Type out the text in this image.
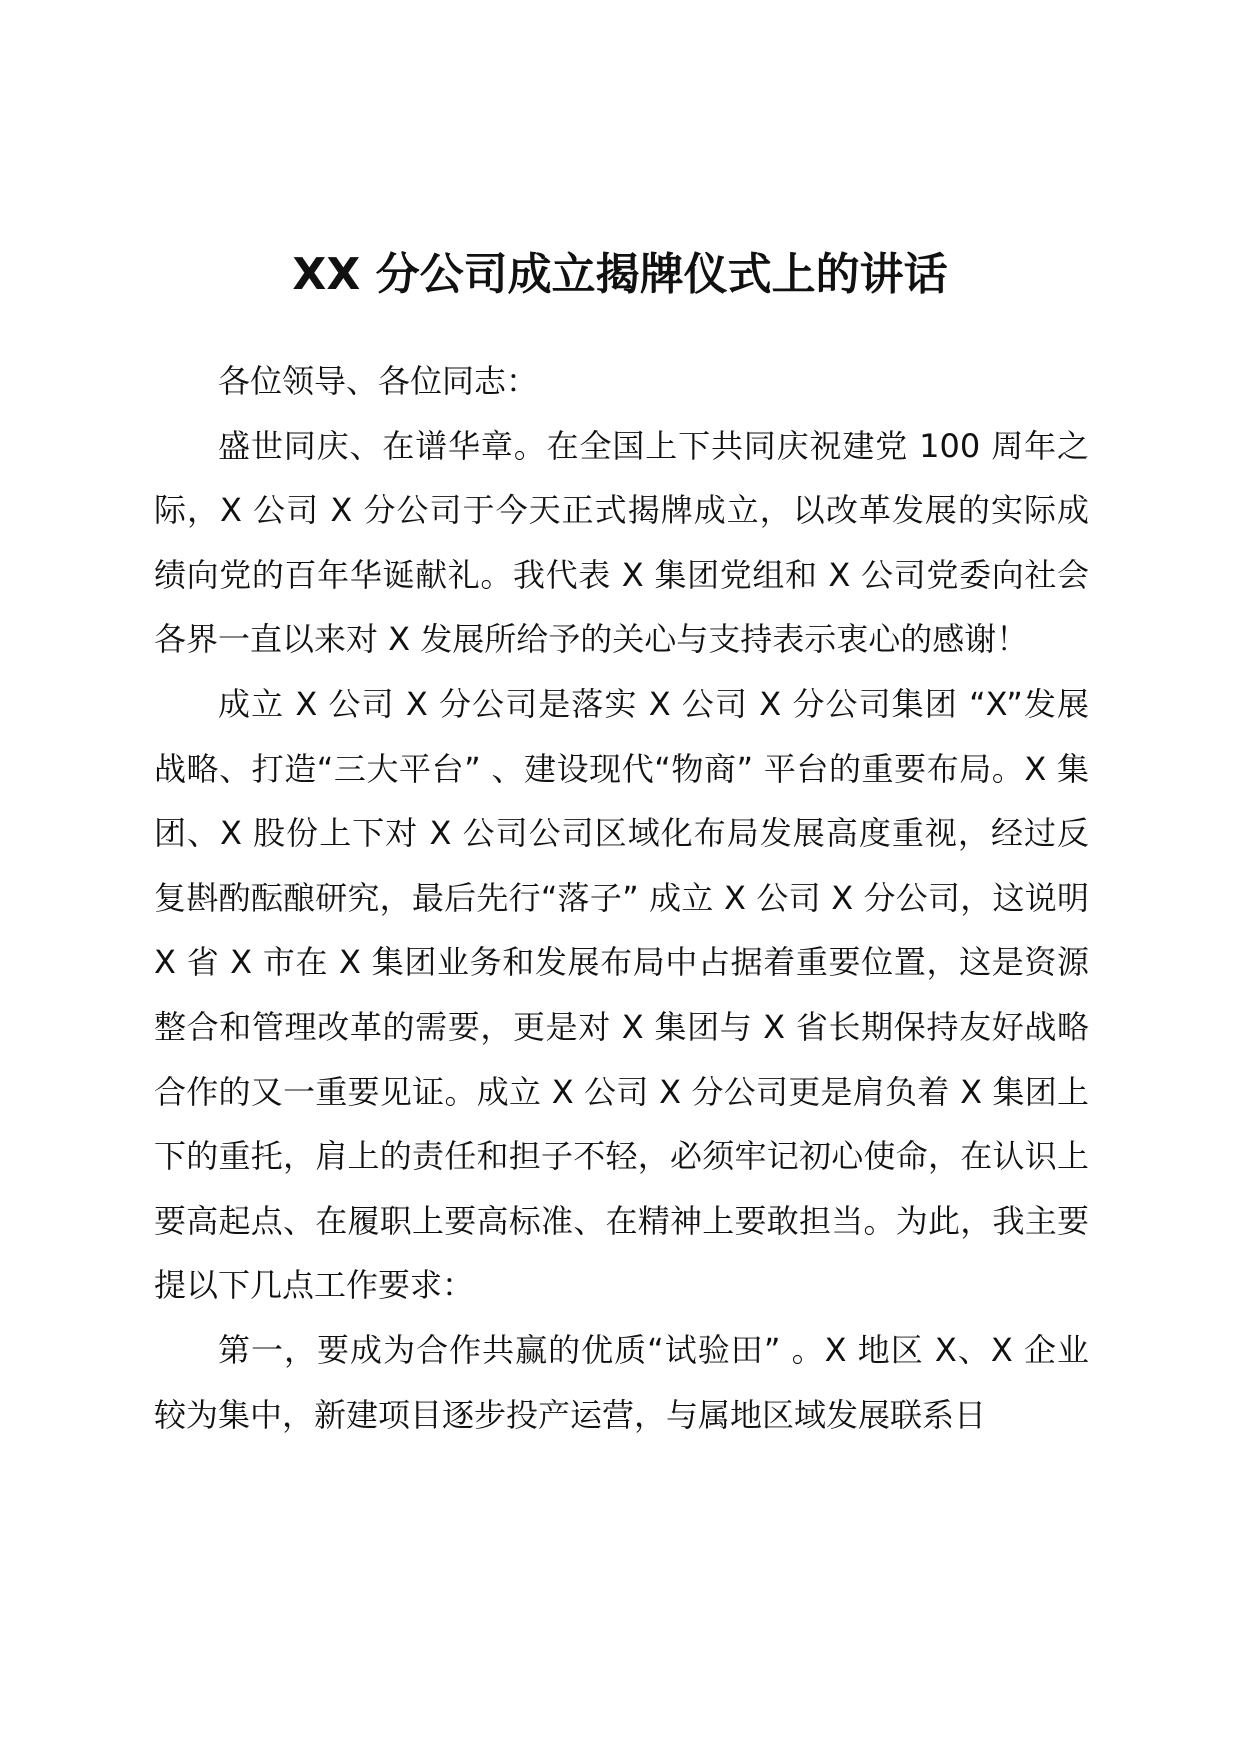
XX 分公司成立揭牌仪式上的讲话

各位领导、各位同志：

盛世同庆、在谱华章。在全国上下共同庆祝建党 100 周年之际，X 公司 X 分公司于今天正式揭牌成立，以改革发展的实际成绩向党的百年华诞献礼。我代表 X 集团党组和 X 公司党委向社会各界一直以来对 X 发展所给予的关心与支持表示衷心的感谢！

成立 X 公司 X 分公司是落实 X 公司 X 分公司集团 “X”发展战略、打造“三大平台” 、建设现代“物商” 平台的重要布局。X 集团、X 股份上下对 X 公司公司区域化布局发展高度重视，经过反复斟酌酝酿研究，最后先行“落子” 成立 X 公司 X 分公司，这说明 X 省 X 市在 X 集团业务和发展布局中占据着重要位置，这是资源整合和管理改革的需要，更是对 X 集团与 X 省长期保持友好战略合作的又一重要见证。成立 X 公司 X 分公司更是肩负着 X 集团上下的重托，肩上的责任和担子不轻，必须牢记初心使命，在认识上要高起点、在履职上要高标准、在精神上要敢担当。为此，我主要提以下几点工作要求：

第一，要成为合作共赢的优质“试验田” 。X 地区 X、X 企业较为集中，新建项目逐步投产运营，与属地区域发展联系日
